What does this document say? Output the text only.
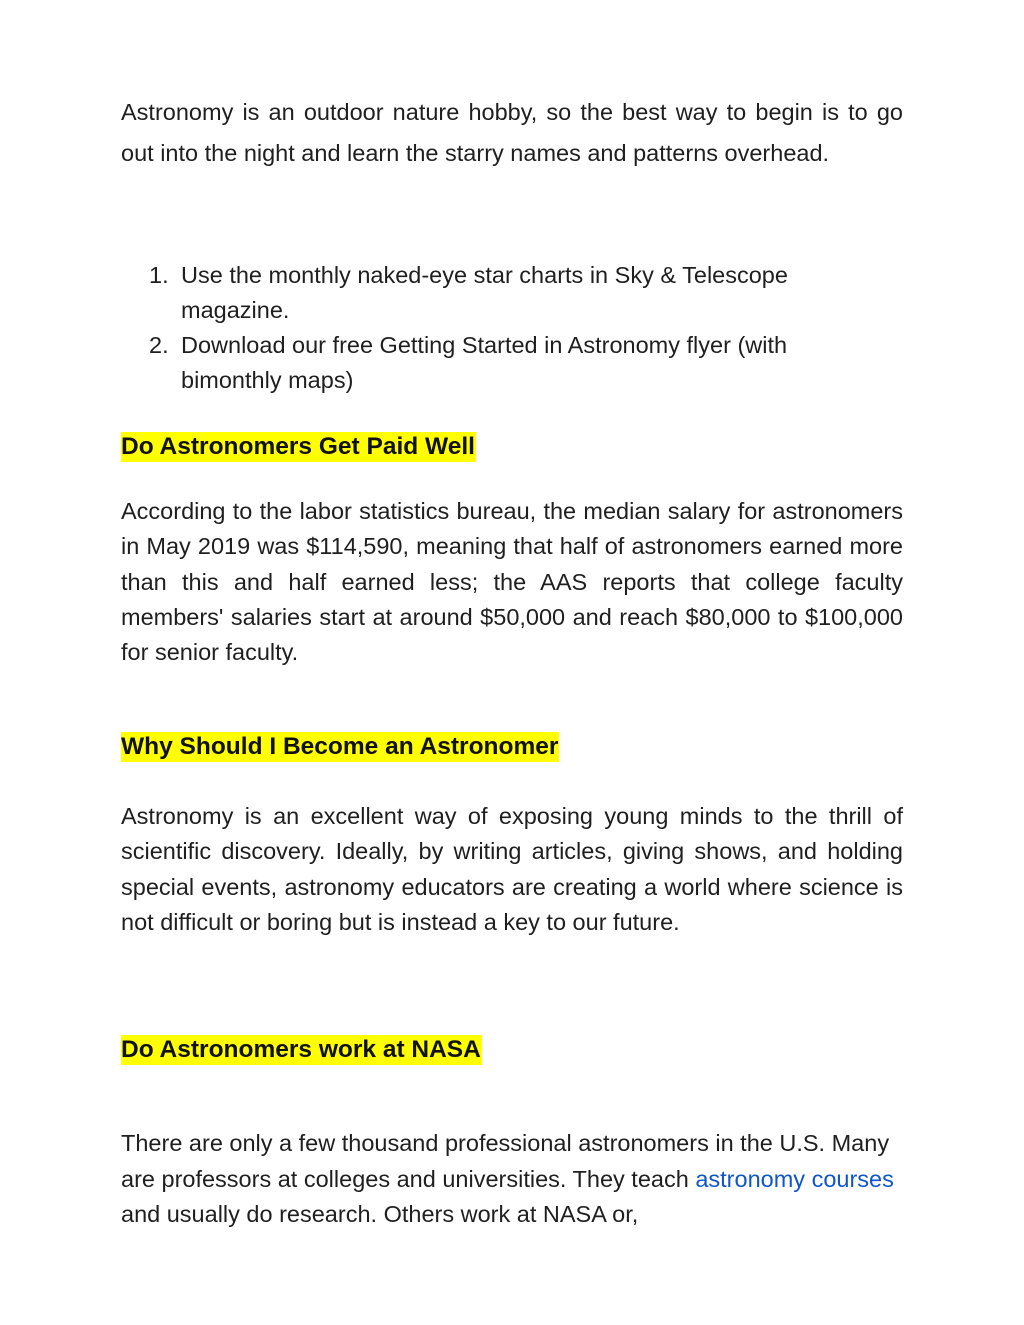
Astronomy is an outdoor nature hobby, so the best way to begin is to go out into the night and learn the starry names and patterns overhead.

1. Use the monthly naked-eye star charts in Sky & Telescope magazine.
2. Download our free Getting Started in Astronomy flyer (with bimonthly maps)
Do Astronomers Get Paid Well

According to the labor statistics bureau, the median salary for astronomers in May 2019 was $114,590, meaning that half of astronomers earned more than this and half earned less; the AAS reports that college faculty members' salaries start at around $50,000 and reach $80,000 to $100,000 for senior faculty.

Why Should I Become an Astronomer

Astronomy is an excellent way of exposing young minds to the thrill of scientific discovery. Ideally, by writing articles, giving shows, and holding special events, astronomy educators are creating a world where science is not difficult or boring but is instead a key to our future.

Do Astronomers work at NASA

There are only a few thousand professional astronomers in the U.S. Many are professors at colleges and universities. They teach astronomy courses and usually do research. Others work at NASA or,
